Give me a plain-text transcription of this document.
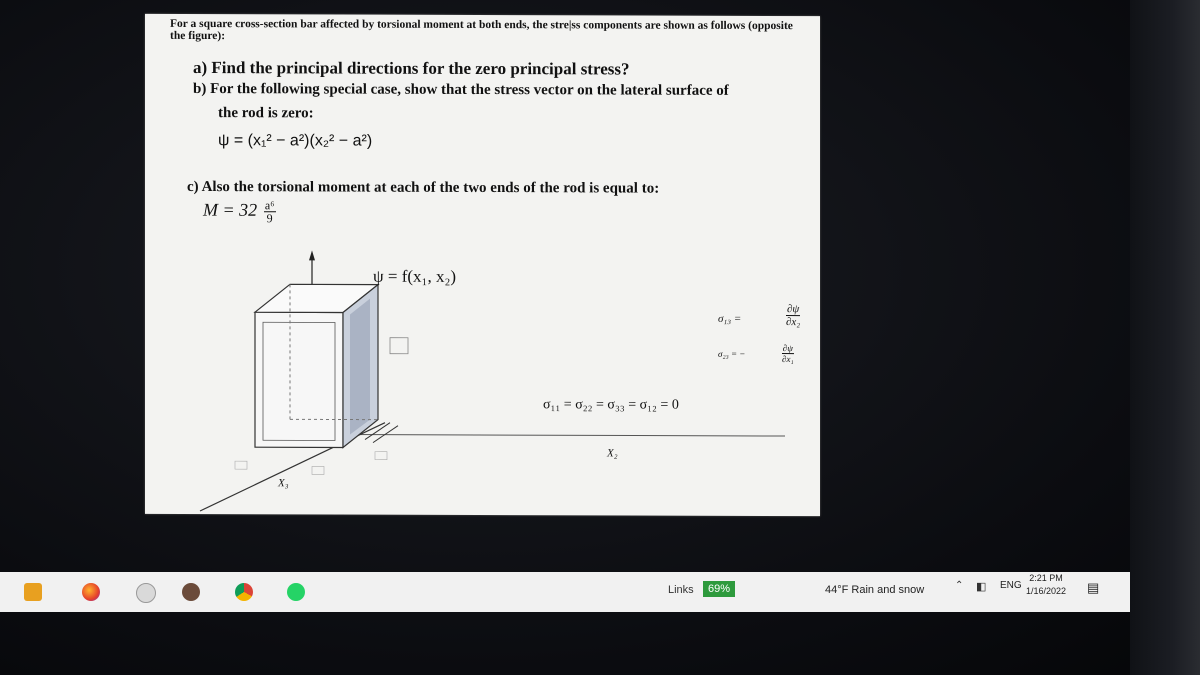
For a square cross-section bar affected by torsional moment at both ends, the stre|ss components are shown as follows (opposite the figure):
a) Find the principal directions for the zero principal stress?
b) For the following special case, show that the stress vector on the lateral surface of
the rod is zero:
ψ = (x₁² − a²)(x₂² − a²)
c) Also the torsional moment at each of the two ends of the rod is equal to:
$M = 32 \frac{\text{a⁶}}{9}$
ψ = f(x₁, x₂)
σ₁₃ =	$\frac{\partial\psi}{\text{∂x₂}}$
σ₂₃ = −	$\frac{\partial\psi}{\text{∂x₁}}$
σ₁₁ = σ₂₂ = σ₃₃ = σ₁₂ = 0
X₂
X₃
Links	69%	44°F Rain and snow	⌃ ◧ ENG
2:21 PM
1/16/2022 ▤
